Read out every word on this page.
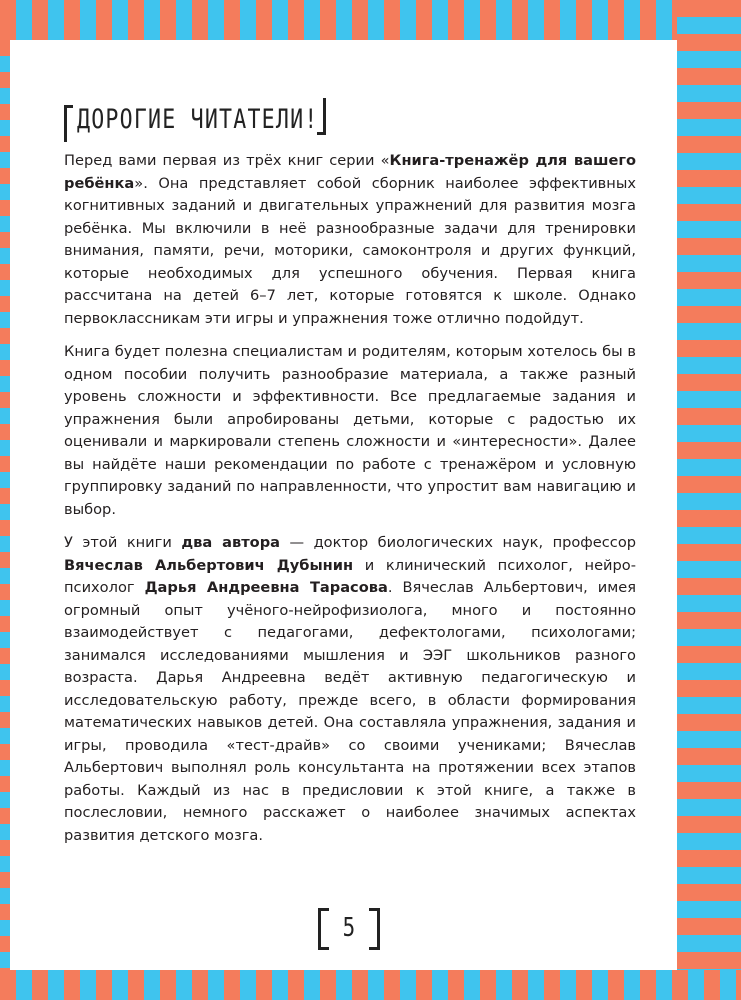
ДОРОГИЕ ЧИТАТЕЛИ!

Перед вами первая из трёх книг серии «Книга-тренажёр для вашего ребёнка». Она представляет собой сборник наиболее эффективных когнитивных заданий и двигательных упражнений для развития мозга ребёнка. Мы включили в неё разнообразные задачи для тренировки внимания, памяти, речи, моторики, самоконтроля и других функций, которые необходимых для успешного обучения. Первая книга рассчитана на детей 6–7 лет, которые готовятся к школе. Однако первоклассникам эти игры и упражнения тоже отлично подойдут.

Книга будет полезна специалистам и родителям, которым хотелось бы в одном пособии получить разнообразие материала, а также разный уровень сложности и эффективности. Все предлагаемые задания и упражнения были апробированы детьми, которые с радостью их оценивали и маркировали степень сложности и «интересности». Далее вы найдёте наши рекомендации по работе с тренажёром и условную группировку заданий по направленности, что упростит вам навигацию и выбор.

У этой книги два автора — доктор биологических наук, профессор Вячеслав Альбертович Дубынин и клинический психолог, нейро-психолог Дарья Андреевна Тарасова. Вячеслав Альбертович, имея огромный опыт учёного-нейрофизиолога, много и постоянно взаимодействует с педагогами, дефектологами, психологами; занимался исследованиями мышления и ЭЭГ школьников разного возраста. Дарья Андреевна ведёт активную педагогическую и исследовательскую работу, прежде всего, в области формирования математических навыков детей. Она составляла упражнения, задания и игры, проводила «тест-драйв» со своими учениками; Вячеслав Альбертович выполнял роль консультанта на протяжении всех этапов работы. Каждый из нас в предисловии к этой книге, а также в послесловии, немного расскажет о наиболее значимых аспектах развития детского мозга.

5
